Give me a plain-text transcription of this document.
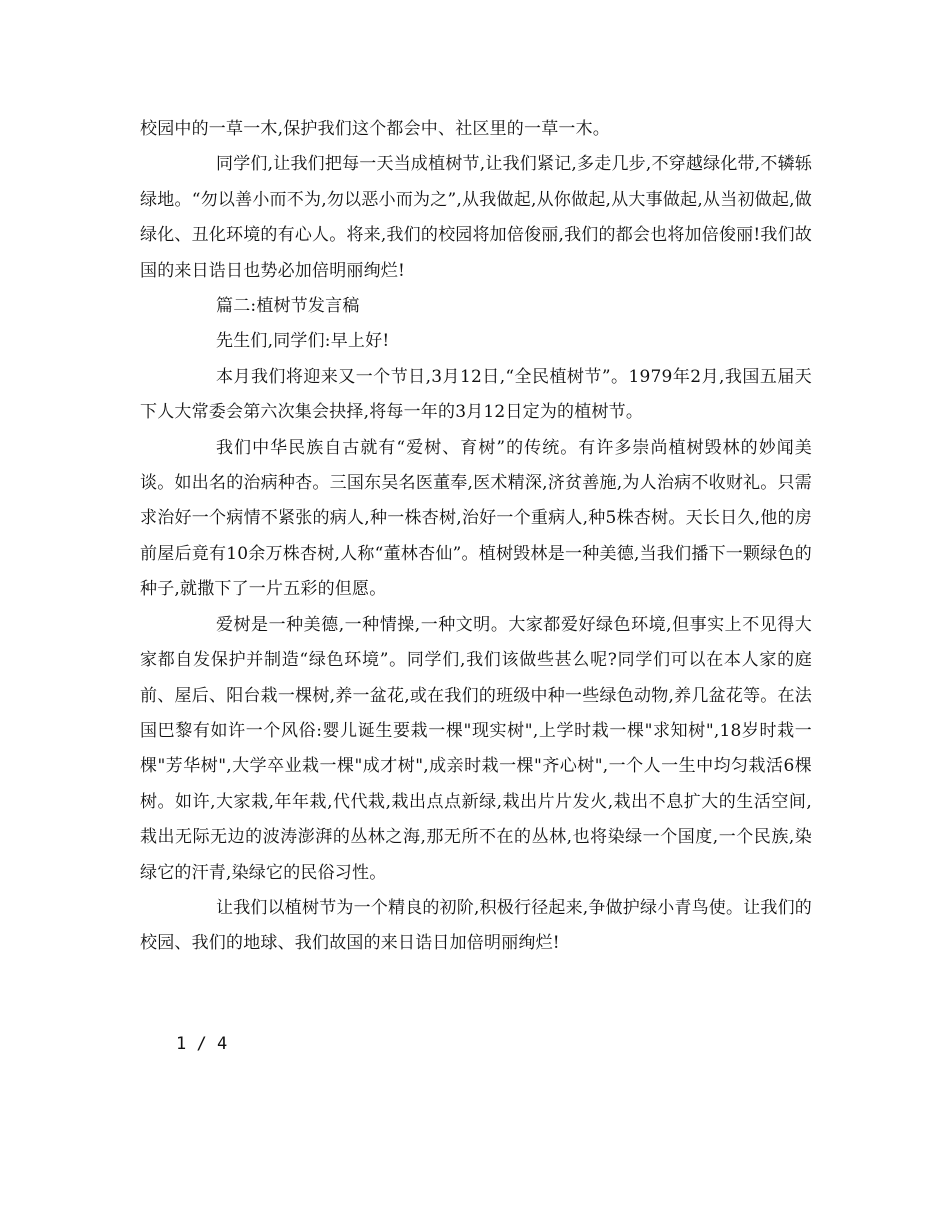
校园中的一草一木,保护我们这个都会中、社区里的一草一木。

同学们,让我们把每一天当成植树节,让我们紧记,多走几步,不穿越绿化带,不辚轹绿地。“勿以善小而不为,勿以恶小而为之”,从我做起,从你做起,从大事做起,从当初做起,做绿化、丑化环境的有心人。将来,我们的校园将加倍俊丽,我们的都会也将加倍俊丽!我们故国的来日诰日也势必加倍明丽绚烂!

篇二:植树节发言稿

先生们,同学们:早上好!

本月我们将迎来又一个节日,3月12日,“全民植树节”。1979年2月,我国五届天下人大常委会第六次集会抉择,将每一年的3月12日定为的植树节。

我们中华民族自古就有“爱树、育树”的传统。有许多崇尚植树毁林的妙闻美谈。如出名的治病种杏。三国东吴名医董奉,医术精深,济贫善施,为人治病不收财礼。只需求治好一个病情不紧张的病人,种一株杏树,治好一个重病人,种5株杏树。天长日久,他的房前屋后竟有10余万株杏树,人称“董林杏仙”。植树毁林是一种美德,当我们播下一颗绿色的种子,就撒下了一片五彩的但愿。

爱树是一种美德,一种情操,一种文明。大家都爱好绿色环境,但事实上不见得大家都自发保护并制造“绿色环境”。同学们,我们该做些甚么呢?同学们可以在本人家的庭前、屋后、阳台栽一棵树,养一盆花,或在我们的班级中种一些绿色动物,养几盆花等。在法国巴黎有如许一个风俗:婴儿诞生要栽一棵"现实树",上学时栽一棵"求知树",18岁时栽一棵"芳华树",大学卒业栽一棵"成才树",成亲时栽一棵"齐心树",一个人一生中均匀栽活6棵树。如许,大家栽,年年栽,代代栽,栽出点点新绿,栽出片片发火,栽出不息扩大的生活空间,栽出无际无边的波涛澎湃的丛林之海,那无所不在的丛林,也将染绿一个国度,一个民族,染绿它的汗青,染绿它的民俗习性。

让我们以植树节为一个精良的初阶,积极行径起来,争做护绿小青鸟使。让我们的校园、我们的地球、我们故国的来日诰日加倍明丽绚烂!

1 / 4
